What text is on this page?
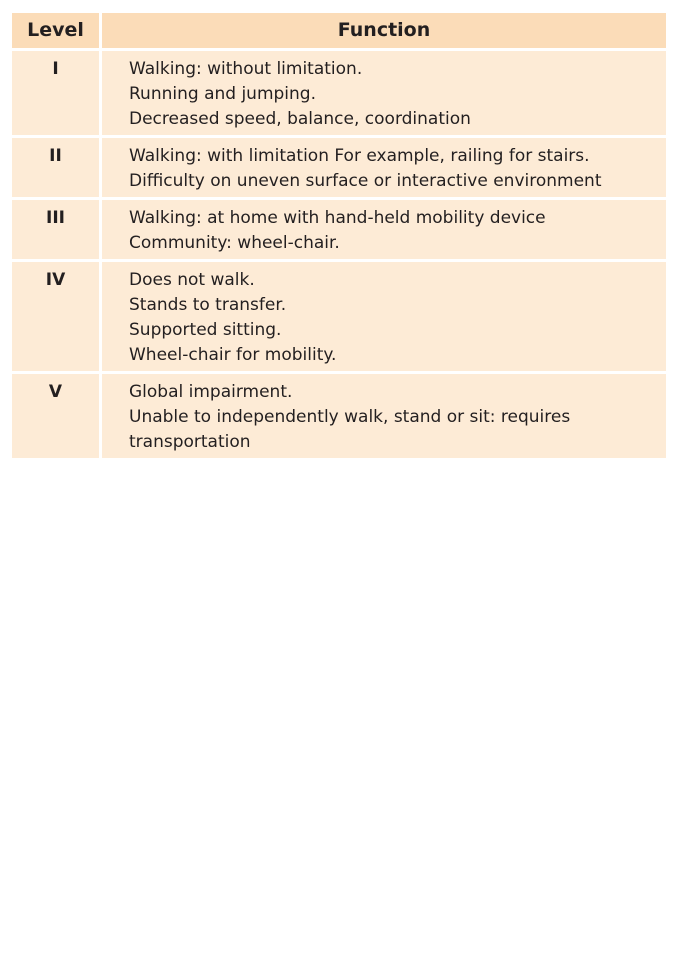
Level	Function
I	Walking: without limitation.
Running and jumping.
Decreased speed, balance, coordination

II	Walking: with limitation For example, railing for stairs.
Difficulty on uneven surface or interactive environment

III	Walking: at home with hand-held mobility device
Community: wheel-chair.

IV	Does not walk.
Stands to transfer.
Supported sitting.
Wheel-chair for mobility.

V	Global impairment.
Unable to independently walk, stand or sit: requires transportation
